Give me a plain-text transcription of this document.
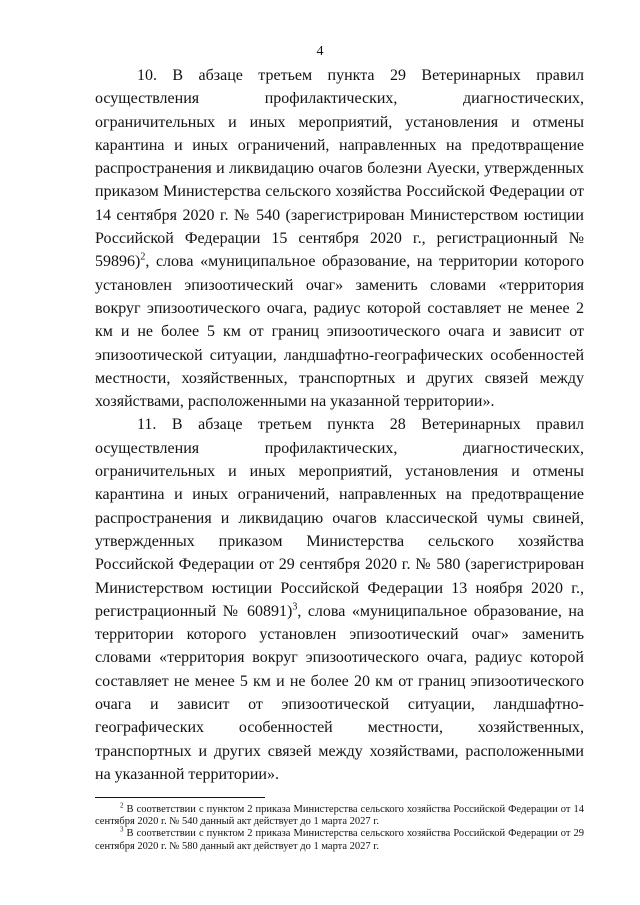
4

10. В абзаце третьем пункта 29 Ветеринарных правил осуществления профилактических, диагностических, ограничительных и иных мероприятий, установления и отмены карантина и иных ограничений, направленных на предотвращение распространения и ликвидацию очагов болезни Ауески, утвержденных приказом Министерства сельского хозяйства Российской Федерации от 14 сентября 2020 г. № 540 (зарегистрирован Министерством юстиции Российской Федерации 15 сентября 2020 г., регистрационный № 59896)$^2$, слова «муниципальное образование, на территории которого установлен эпизоотический очаг» заменить словами «территория вокруг эпизоотического очага, радиус которой составляет не менее 2 км и не более 5 км от границ эпизоотического очага и зависит от эпизоотической ситуации, ландшафтно-географических особенностей местности, хозяйственных, транспортных и других связей между хозяйствами, расположенными на указанной территории».

11. В абзаце третьем пункта 28 Ветеринарных правил осуществления профилактических, диагностических, ограничительных и иных мероприятий, установления и отмены карантина и иных ограничений, направленных на предотвращение распространения и ликвидацию очагов классической чумы свиней, утвержденных приказом Министерства сельского хозяйства Российской Федерации от 29 сентября 2020 г. № 580 (зарегистрирован Министерством юстиции Российской Федерации 13 ноября 2020 г., регистрационный № 60891)$^3$, слова «муниципальное образование, на территории которого установлен эпизоотический очаг» заменить словами «территория вокруг эпизоотического очага, радиус которой составляет не менее 5 км и не более 20 км от границ эпизоотического очага и зависит от эпизоотической ситуации, ландшафтно-географических особенностей местности, хозяйственных, транспортных и других связей между хозяйствами, расположенными на указанной территории».

$^2$ В соответствии с пунктом 2 приказа Министерства сельского хозяйства Российской Федерации от 14 сентября 2020 г. № 540 данный акт действует до 1 марта 2027 г.

$^3$ В соответствии с пунктом 2 приказа Министерства сельского хозяйства Российской Федерации от 29 сентября 2020 г. № 580 данный акт действует до 1 марта 2027 г.
